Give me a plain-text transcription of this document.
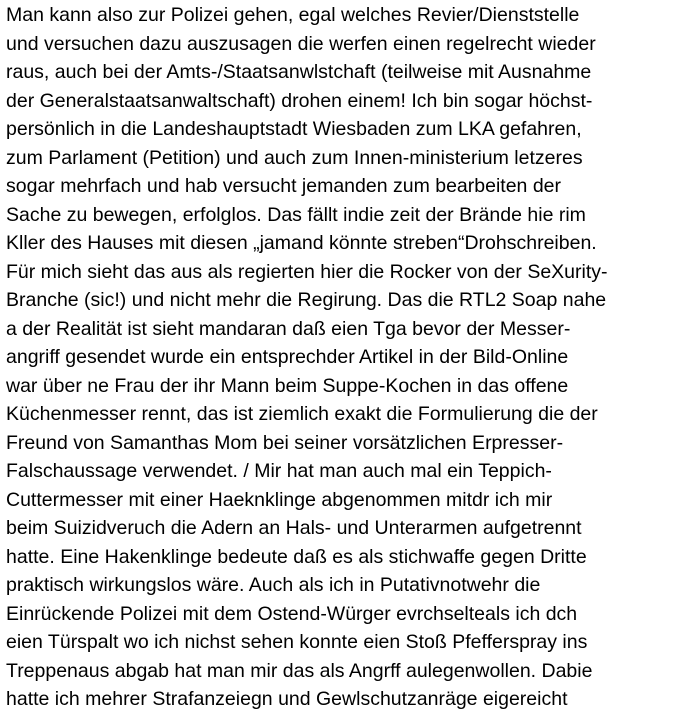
Man kann also zur Polizei gehen, egal welches Revier/Dienststelle
und versuchen dazu auszusagen die werfen einen regelrecht wieder
raus, auch bei der Amts-/Staatsanwlstchaft (teilweise mit Ausnahme
der Generalstaatsanwaltschaft) drohen einem! Ich bin sogar höchst-
persönlich in die Landeshauptstadt Wiesbaden zum LKA gefahren,
zum Parlament (Petition) und auch zum Innen-ministerium letzeres
sogar mehrfach und hab versucht jemanden zum bearbeiten der
Sache zu bewegen, erfolglos. Das fällt indie zeit der Brände hie rim
Kller des Hauses mit diesen „jamand könnte streben“Drohschreiben.
Für mich sieht das aus als regierten hier die Rocker von der SeXurity-
Branche (sic!) und nicht mehr die Regirung. Das die RTL2 Soap nahe
a der Realität ist sieht mandaran daß eien Tga bevor der Messer-
angriff gesendet wurde ein entsprechder Artikel in der Bild-Online
war über ne Frau der ihr Mann beim Suppe-Kochen in das offene
Küchenmesser rennt, das ist ziemlich exakt die Formulierung die der
Freund von Samanthas Mom bei seiner vorsätzlichen Erpresser-
Falschaussage verwendet. / Mir hat man auch mal ein Teppich-
Cuttermesser mit einer Haeknklinge abgenommen mitdr ich mir
beim Suizidveruch die Adern an Hals- und Unterarmen aufgetrennt
hatte. Eine Hakenklinge bedeute daß es als stichwaffe gegen Dritte
praktisch wirkungslos wäre. Auch als ich in Putativnotwehr die
Einrückende Polizei mit dem Ostend-Würger evrchselteals ich dch
eien Türspalt wo ich nichst sehen konnte eien Stoß Pfefferspray ins
Treppenaus abgab hat man mir das als Angrff aulegenwollen. Dabie
hatte ich mehrer Strafanzeiegn und Gewlschutzanräge eigereicht
